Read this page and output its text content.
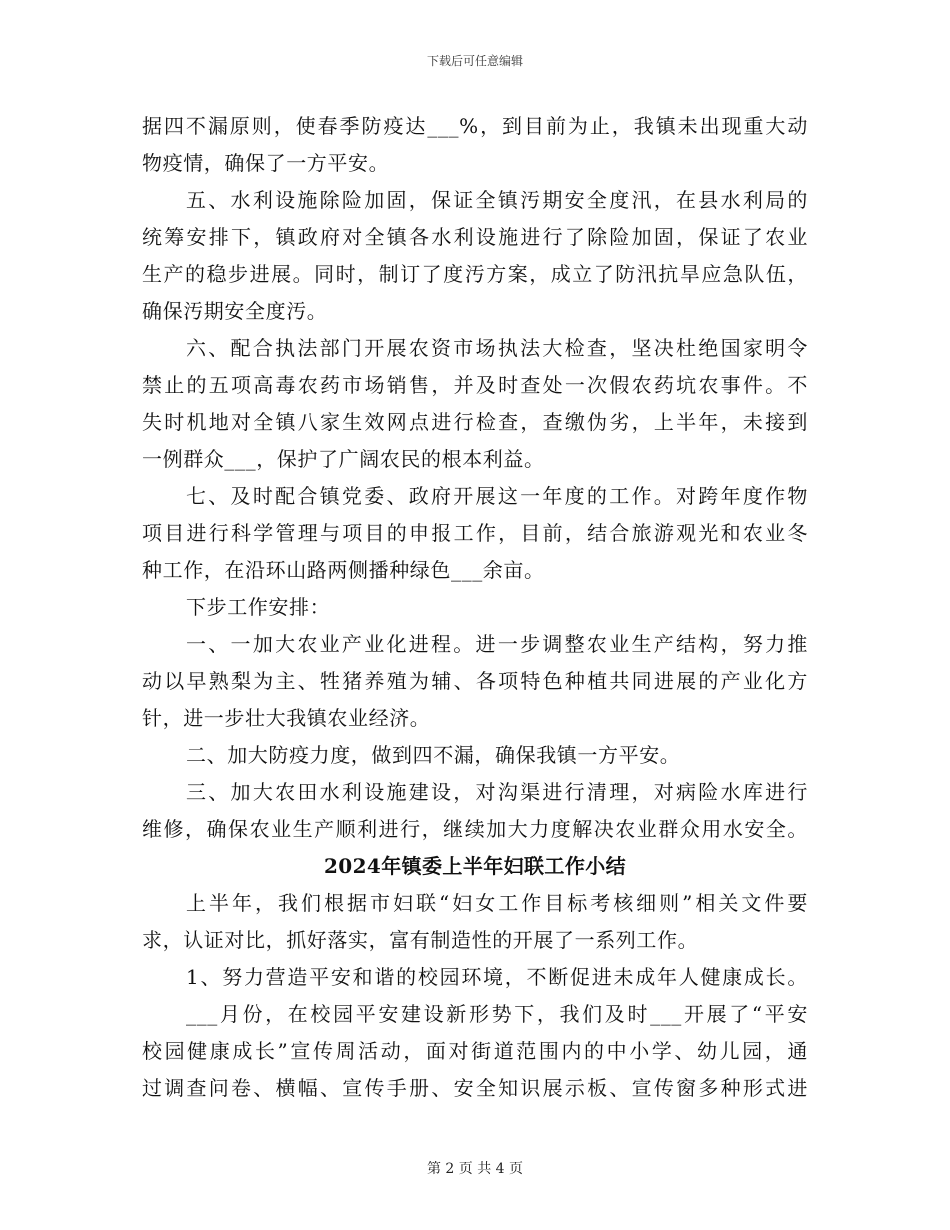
下载后可任意编辑
据四不漏原则，使春季防疫达___%，到目前为止，我镇未出现重大动
物疫情，确保了一方平安。
五、水利设施除险加固，保证全镇汚期安全度汛，在县水利局的
统筹安排下，镇政府对全镇各水利设施进行了除险加固，保证了农业
生产的稳步进展。同时，制订了度汚方案，成立了防汛抗旱应急队伍，
确保汚期安全度汚。
六、配合执法部门开展农资市场执法大检查，坚决杜绝国家明令
禁止的五项高毒农药市场销售，并及时查处一次假农药坑农事件。不
失时机地对全镇八家生效网点进行检查，查缴伪劣，上半年，未接到
一例群众___，保护了广阔农民的根本利益。
七、及时配合镇党委、政府开展这一年度的工作。对跨年度作物
项目进行科学管理与项目的申报工作，目前，结合旅游观光和农业冬
种工作，在沿环山路两侧播种绿色___余亩。
下步工作安排：
一、一加大农业产业化进程。进一步调整农业生产结构，努力推
动以早熟梨为主、牲猪养殖为辅、各项特色种植共同进展的产业化方
针，进一步壮大我镇农业经济。
二、加大防疫力度，做到四不漏，确保我镇一方平安。
三、加大农田水利设施建设，对沟渠进行清理，对病险水库进行
维修，确保农业生产顺利进行，继续加大力度解决农业群众用水安全。
2024年镇委上半年妇联工作小结
上半年，我们根据市妇联“妇女工作目标考核细则”相关文件要
求，认证对比，抓好落实，富有制造性的开展了一系列工作。
1、努力营造平安和谐的校园环境，不断促进未成年人健康成长。
___月份，在校园平安建设新形势下，我们及时___开展了“平安
校园健康成长”宣传周活动，面对街道范围内的中小学、幼儿园，通
过调查问卷、横幅、宣传手册、安全知识展示板、宣传窗多种形式进
第 2 页 共 4 页
